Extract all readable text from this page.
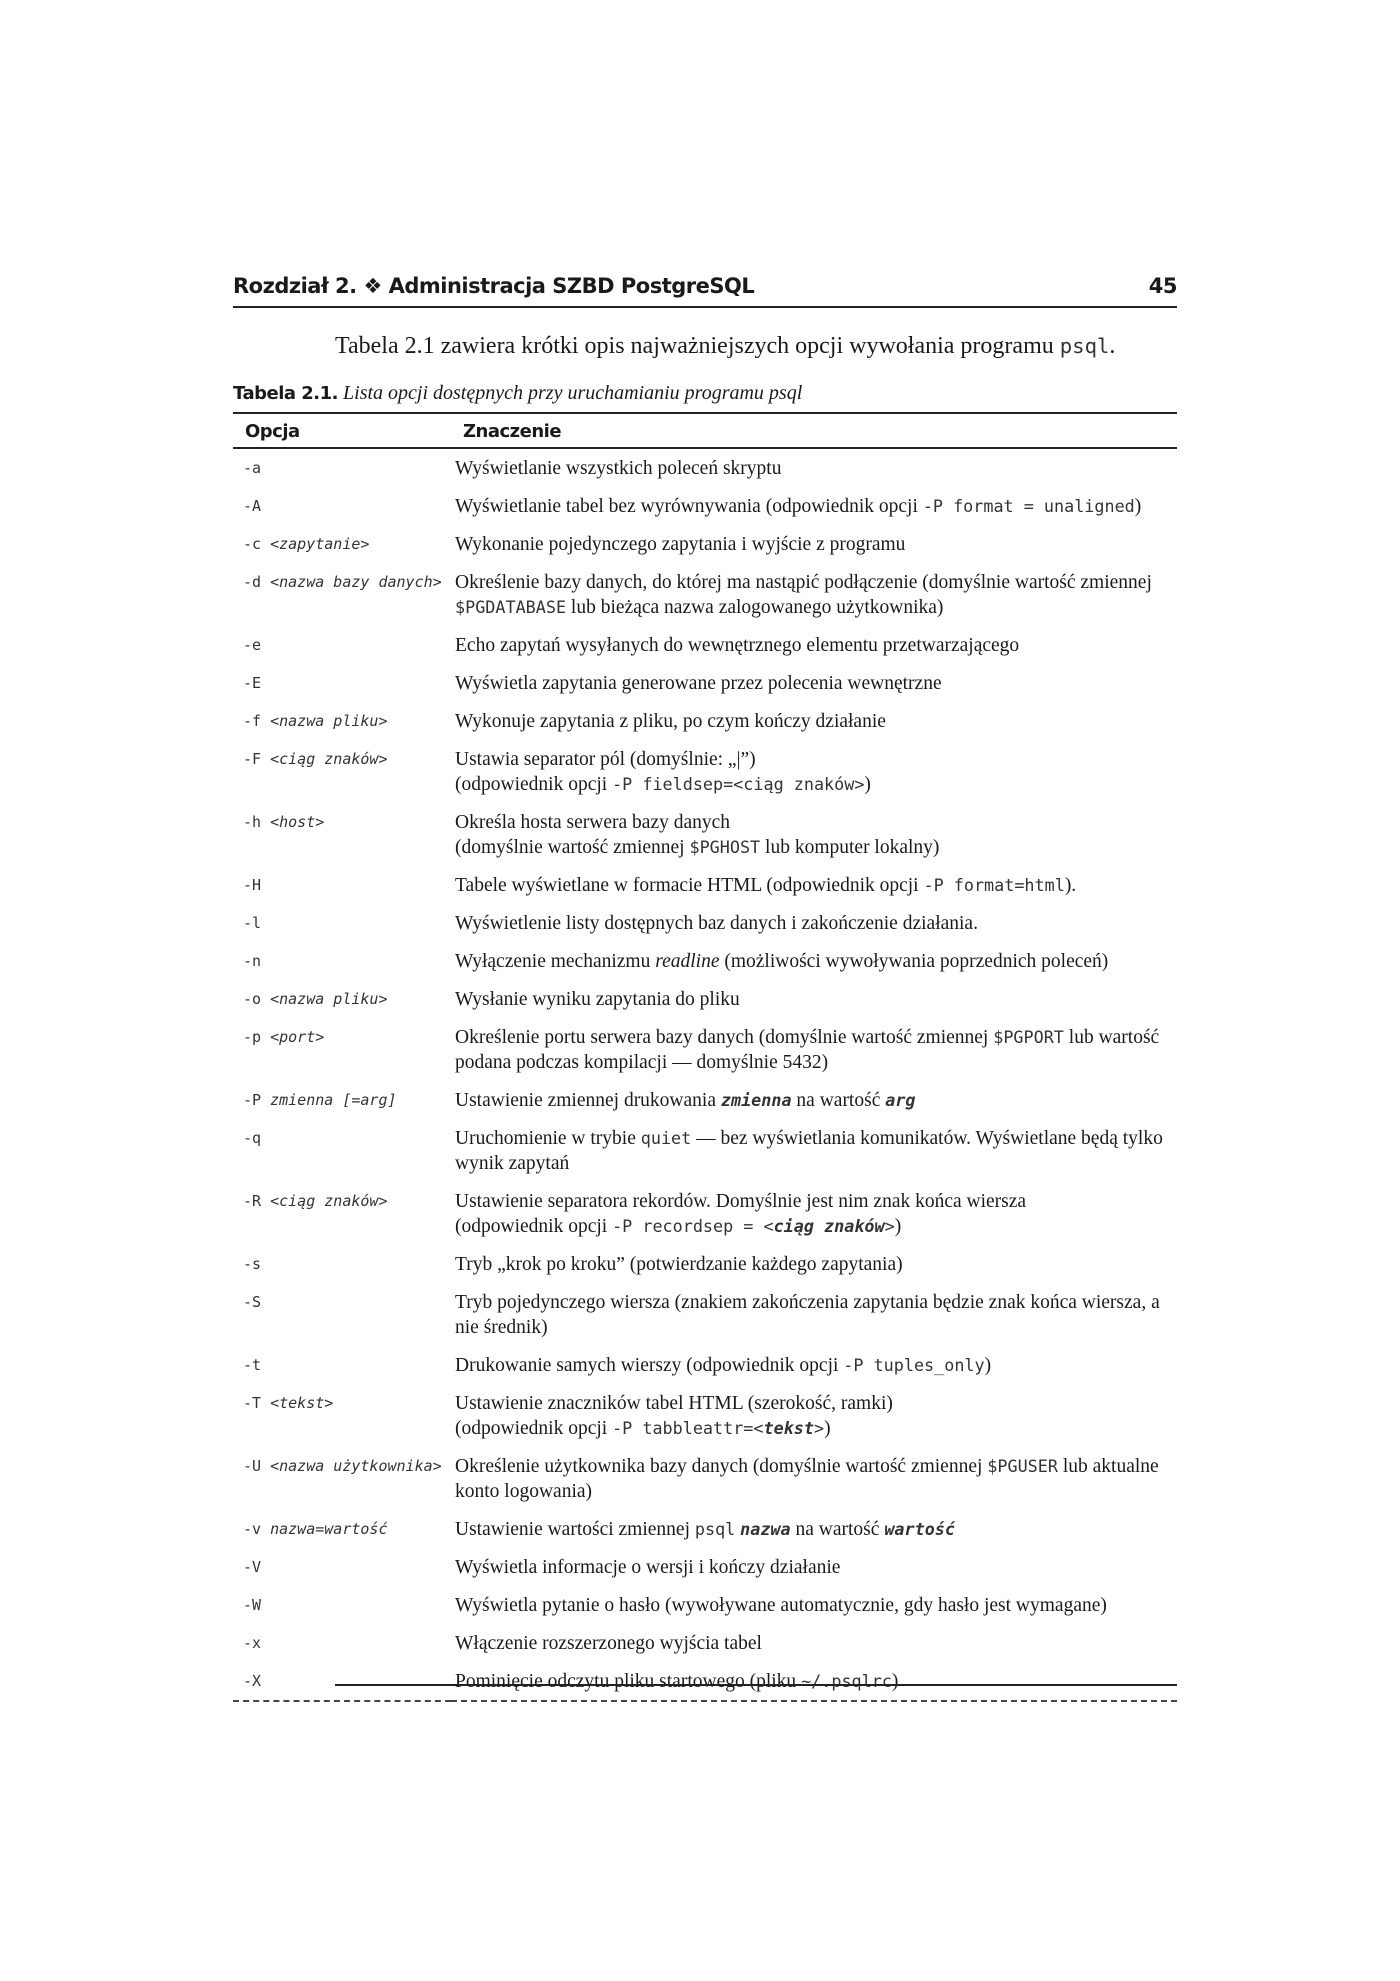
Rozdział 2. ❖ Administracja SZBD PostgreSQL	45
Tabela 2.1 zawiera krótki opis najważniejszych opcji wywołania programu psql.
Tabela 2.1. Lista opcji dostępnych przy uruchamianiu programu psql
Opcja	Znaczenie
-a	Wyświetlanie wszystkich poleceń skryptu
-A	Wyświetlanie tabel bez wyrównywania (odpowiednik opcji -P format = unaligned)
-c <zapytanie>	Wykonanie pojedynczego zapytania i wyjście z programu
-d <nazwa bazy danych>	Określenie bazy danych, do której ma nastąpić podłączenie (domyślnie wartość zmiennej $PGDATABASE lub bieżąca nazwa zalogowanego użytkownika)
-e	Echo zapytań wysyłanych do wewnętrznego elementu przetwarzającego
-E	Wyświetla zapytania generowane przez polecenia wewnętrzne
-f <nazwa pliku>	Wykonuje zapytania z pliku, po czym kończy działanie
-F <ciąg znaków>	Ustawia separator pól (domyślnie: „|”)
(odpowiednik opcji -P fieldsep=<ciąg znaków>)
-h <host>	Określa hosta serwera bazy danych
(domyślnie wartość zmiennej $PGHOST lub komputer lokalny)
-H	Tabele wyświetlane w formacie HTML (odpowiednik opcji -P format=html).
-l	Wyświetlenie listy dostępnych baz danych i zakończenie działania.
-n	Wyłączenie mechanizmu readline (możliwości wywoływania poprzednich poleceń)
-o <nazwa pliku>	Wysłanie wyniku zapytania do pliku
-p <port>	Określenie portu serwera bazy danych (domyślnie wartość zmiennej $PGPORT lub wartość podana podczas kompilacji — domyślnie 5432)
-P zmienna [=arg]	Ustawienie zmiennej drukowania zmienna na wartość arg
-q	Uruchomienie w trybie quiet — bez wyświetlania komunikatów. Wyświetlane będą tylko wynik zapytań
-R <ciąg znaków>	Ustawienie separatora rekordów. Domyślnie jest nim znak końca wiersza
(odpowiednik opcji -P recordsep = <ciąg znaków>)
-s	Tryb „krok po kroku” (potwierdzanie każdego zapytania)
-S	Tryb pojedynczego wiersza (znakiem zakończenia zapytania będzie znak końca wiersza, a nie średnik)
-t	Drukowanie samych wierszy (odpowiednik opcji -P tuples_only)
-T <tekst>	Ustawienie znaczników tabel HTML (szerokość, ramki)
(odpowiednik opcji -P tabbleattr=<tekst>)
-U <nazwa użytkownika>	Określenie użytkownika bazy danych (domyślnie wartość zmiennej $PGUSER lub aktualne konto logowania)
-v nazwa=wartość	Ustawienie wartości zmiennej psql nazwa na wartość wartość
-V	Wyświetla informacje o wersji i kończy działanie
-W	Wyświetla pytanie o hasło (wywoływane automatycznie, gdy hasło jest wymagane)
-x	Włączenie rozszerzonego wyjścia tabel
-X	Pominięcie odczytu pliku startowego (pliku ~/.psqlrc)
